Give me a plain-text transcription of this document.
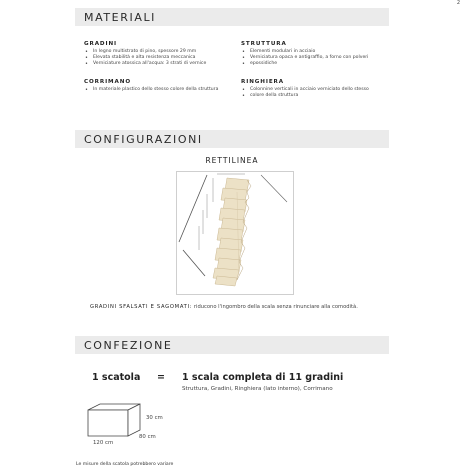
2
MATERIALI
GRADINI
• In legno multistrato di pino, spessore 29 mm
• Elevata stabilità e alta resistenza meccanica
• Verniciature atossica all'acqua: 3 strati di vernice
CORRIMANO
• In materiale plastico dello stesso colore della struttura
STRUTTURA
• Elementi modulari in acciaio
• Verniciatura opaca e antigraffio, a forno con polveri
• epossidiche
RINGHIERA
• Colonnine verticali in acciaio verniciato dello stesso
• colore della struttura
CONFIGURAZIONI
RETTILINEA
GRADINI SFALSATI E SAGOMATI: riducono l'ingombro della scala senza rinunciare alla comodità.
CONFEZIONE
1 scatola = 1 scala completa di 11 gradini
Struttura, Gradini, Ringhiera (lato interno), Corrimano
30 cm
80 cm
120 cm
Le misure della scatola potrebbero variare
